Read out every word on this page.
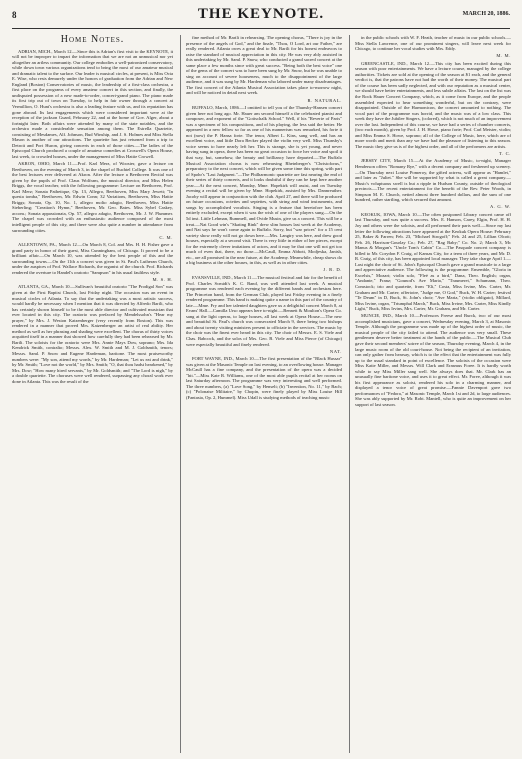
8	THE KEYNOTE.	MARCH 20, 1886.
Home Notes.

ADRIAN, MICH., March 12.—Since this is Adrian's first visit to the KEYNOTE, it will not be improper to impart the information that we are not an unmusical nor yet altogether an artless community. Our college embodies a well-patronized conservatory, while down town various organizations tend to bring the most of our amateur musical and dramatic talent to the surface. Our leader is musical circles, at present, is Miss Octa E. Wise, who rests demurely under the honors of graduation from the Adrian and New England (Boston) Conservatories of music, the leadership of a first-class orchestra, a first place on the programs of every amateur concert in this section, and finally, the undisputed possession of a new made-to-order, concert-grand piano. The piano made its first trip out of town on Tuesday, to help in fair owner through a concert at Vermillion, O. Hunt's orchestra is also a leading feature with us, and its reputation has gone abroad. Its last engagements which were considered important were at the reception of the jackson Guard, February 22, and at the home of Gov. Alger, about a fortnight later. Both affairs were attended by many of the state notables, and the orchestra made a considerable sensation among them. The Estrella Quartette, consisting of Mesdames, Alf. Johnson, Bud Winship, and J. S. Holmes and Miss Stella Mason is another of our attractions. The quartette has just returned from a trip to Detroit and Port Huron, giving concerts in each of those cities.—The ladies of the Episcopal Church produced a couple of amateur comedies at Croswell's Opera House, last week, to crowded houses, under the management of Miss Hattie Crowell.

AKRON, OHIO, March 11.—Prof. Karl Merz, of Wooster, gave a lecture on Beethoven, on the evening of March 3, in the chapel of Buchtel College. It was one of the best lectures ever delivered at Akron. After the lecture a Beethoven Recital was given by the pupils of Prof. Claus Wolfram, the musical director, and Miss Helen Briggs, the vocal teacher, with the following programme: Lecture on Beethoven, Prof. Karl Merz; Sonata Pathetique, Op. 13, Allegro, Beethoven, Miss Mary Jewett; "In questa tomba," Beethoven, Mr. Edwin Conn; 32 Variations, Beethoven, Miss Hattie Briggs; Sonata, Op. 10, No. 1, allegro molto adagio, Beethoven, Miss Hattie Sieberling; "Creation's Hymn," Beethoven, Mr. Geo. Bates. Miss Sybel Caskey, accom.; Sonata appassionata, Op. 57, allegro adagio, Beethoven, Mr. J. W. Plummer. The chapel was crowded with an enthusiastic audience composed of the most intelligent people of this city, and there were also quite a number in attendance from surrounding cities.

C. M.

ALLENTOWN, PA., March 12.—On March 8, Col. and Mrs. H. H. Fisher gave a grand party in honor of their guest, Miss Cunningham, of Chicago. It proved to be a brilliant affair.—On March 10, was attended by the best people of this and the surrounding towns.—On the 11th a concert was given in St. Paul's Lutheran Church, under the auspices of Prof. Wallace Richards, the organist of the church. Prof. Richards rendered the overture to Handel's oratorio "Sampson" in his usual faultless style.

M. S. H.

ATLANTA, GA., March 10.—Sullivan's beautiful oratorio "The Prodigal Son" was given at the First Baptist Church, last Friday night. The occasion was an event in musical circles of Atlanta. To say that the undertaking was a most artistic success, would hardly be necessary when I mention that it was directed by Alfredo Barili, who has certainly shown himself to be the most able director and cultivated musician that ever located in this city. The oratorio was prefaced by Mendelssohn's "Hear my prayer," by Mrs. J. Weston Katzenberger (very recently from Boston). This was rendered in a manner that proved Mrs. Katzenberger an artist of real ability. Her method as well as her phrasing and shading were excellent. The chorus of thirty voices acquitted itself in a manner that showed how carefully they had been rehearsed by Mr. Barili. The soloists for the oratorio were Mrs. Annie Mays Dow, soprano; Mrs. Ida Kendrick Smith, contralto; Messrs. Alex. W. Smith and M. J. Goldsmith, tenors; Messrs. Saml. P. Snow and Eugene Hardeman, baritone. The most praiseworthy numbers were: "My son, attend my words," by Mr. Hardeman; "Let us eat and drink," by Mr. Smith; "Love not the world," by Mrs. Smith; "O, that thou hadst hearkened," by Mrs. Dow; "How many hired servants," by Mr. Goldsmith; and "The Lord is nigh," by a double quartette. The choruses were well rendered, surpassing any choral work ever done in Atlanta. This was the result of the

fine method of Mr. Barili in rehearsing. The opening chorus, "There is joy in the presence of the angels of God," and the finale, "Thou, O Lord, art our Father," are really rendered. Atlanta owes a great deal to Mr. Barili for his honest endeavors to raise the standard of musical appreciation in this city. He was very ably assisted in this undertaking by Mr. Saml. P. Snow, who conducted a grand sacred concert at the same place a few months since with great success. "Being both the best voice" one of the gems of the concert was to have been sung by Mr. Snow, but he was unable to sing on account of severe hoarseness, much to the disappointment of the large audience, and it was sung by Mr. Hardeman who labored under many disadvantages. The first concert of the Atlanta Musical Association takes place to-morrow night, and will be noticed in detail next week.

R. NATURAL.

BUFFALO, March, 1886.—I omitted to tell you of the Thunsby-Hansen concert given here not long ago. Mr. Hauer am second himself a the celebrated pianist and composer, and exponent of the "Gottschalk School." Well, if his "Reverie of Paris" was a specimen of his compositions, and of his playing, the less said the better. He appeared in a new fellow so far as one of his mannerism was remarked, his forte it not (now) the P. Hansa forte. The tenor, Albert L. Kins, sang well, and has an excellent voice, and little Dora Becker played the violin very well. Miss Thunsby's voice seems to have nearly left her. This is strange, she is yet young, and never having sung in opera, there has been no great occasion to force her voice and spoil it that way, but, somehow, the beauty and brilliancy have departed.—The Buffalo Musical Association chorus is now rehearsing Rheinberger's "Christoforus," preparatory to the next concert, which will be given some time this spring, with part of Spohr's "Last Judgment."—The Philharmonic quartette are fast nearing the end of their series of thirty concerts, and it looks doubtful if they can be kept here another year.—At the next concert, Monday, Mme. Hopekirk will assist, and on Tuesday evening a recital will be given by Mme. Hopekirk, assisted by Mrs. Dannreuther. Jacoby will appear in conjunction with the club. April 27, and there will be produced on future occasions, octettes and septettes, with string and wind instruments, and songs by accomplished vocalists. Singing is a feature that heretofore has been entirely excluded, except when it was the wish of one of the players sung.—On the 5d inst. Little Lehman, Rummell, and Ovide Musin, give us a concert. This will be a treat.—Nat Good win's "Skating Rink" drew slim houses last week at the Academy, and Nat says he won't come again to Buffalo. Sorry, but "war prices" for a 15 cent variety show really will not go down here.—Mrs. Langtry was here, and drew good houses, especially at a second visit. There is very little in either of her pieces, except for the extremely clever imitations of actors, and it may be that one will not get too much of even that, there, no those.—McCaull, Emma Abbott, Modjeska, Janish, etc., are all promised in the near future, at the Academy. Meanwhile, cheap shows do a big business at the other houses, in this, as well as in other cities.

J. R. D.

EVANSVILLE, IND., March 11.—The musical festival and fair for the benefit of Prof. Charles Scmidt's K. C. Band, was well attended last week. A musical programme was rendered each evening by the different bands and orchestras here. The Princeton band, from the German Club, played last Friday evening in a finely rendered programme. This band is making quite a name in this part of the country of late.—Mme. Fry and her talented daughters gave us a delightful concert March 8, at Evans' Hall.—Camilla Urso appears here to-night.—Bennett & Moulton's Opera Co. sang at the light operas, to large houses, all last week at Opera House.—The new and beautiful St. Paul's church was consecrated March 9, there being two bishops and about twenty visiting ministers present to officiate in the services. The music by the choir was the finest ever heard in this city. The choir of Messrs. E. S. Viele and Chas. Babcock, and the solos of Mrs. Geo. B. Viele and Miss Pierce (of Chicago) were especially beautiful and finely rendered.

NAT.

FORT WAYNE, IND., March 10.—The first presentation of the "Black Hussar" was given at the Masonic Temple on last evening, to an overflowing house. Manager McCaull has a fine company, and the presentation of the opera was a decided "hit."—Miss Kate R. Williams, one of the most able pupils recital at her rooms on last Saturday afternoon. The programme was very interesting and well performed. The three numbers, (a) "Love Song," by Henselt; (b) "Invention, No. 11," by Bach; (c) "Polonaise Militaire," by Chopin, were finely played by Miss Louise Hill (Fantasia, Op. 2, Hummel). Miss Udall is studying methods of teaching music

in the public schools with W. F. Heath, teacher of music in our public schools.—Miss Stella Lawrence, one of our prominent singers, will leave next week for Chicago, to continue her vocal studies with Mrs. Eddy.

M. M.

GREENCASTLE, IND., March 12.—This city has been excited during this season with poor entertainments. We have a lecture course, managed by the college authorities. Tickets are sold at the opening of the season at $1 each, and the general verdict is, that the patrons have not had the worth of their money. The musical part of the course has been sadly neglected, and with our reputation as a musical center, we should have better entertainments, and less subtle affairs. The last on the list was the Rock Hauer Concert Company, which, as it come from Europe, and the people assembled expected to hear something wonderful, but on the contrary, were disappointed. Outside of the Harmonicon, the concert amounted to nothing. The vocal part of the programme was horrid, and the music was of a low class. This week they have the Jubilee Singers, (colored), which is not much of an improvement over the last. Independent of this course, we have had a series of chamber concerts, (two each month), given by Prof. J. H. Howe, piano forte; Prof. Carl Meister, violin; and Miss Emma S. Howe, soprano; all of the College of Music, here, which are of more worth and merit than any we have had the pleasure of listening to this season. The music they give us is of the highest order, and all of the performers are artists.

T. C.

JERSEY CITY, March 15.—At the Academy of Music, to-night, Manager Henderson offers "Romany Rye," with a decent company and freshened up scenery.—On Thursday next Louise Pomeroy, the gifted actress, will appear as "Hamlet," and later as "Juliet." She will be supported by what is called a great company.—Music's voluptuous swell is but a ripple in Hudson County, outside of theological precincts.—The recent entertainment for the benefit of the Rev. Peter Woods, in Simpson M. E. Church, netted almost three hundred dollars, and the sum of one hundred, rather startling, which secured that amount.

A. G. W.

KEOKUK, IOWA, March 10.—The often postponed Library concert came off last Thursday, and was quite a success. Mrs. E. Hanson, Carey, Elgin, Prof. H. H. Joy and others were the soloists, and all performed their parts well.—Since my last letter the following attractions have appeared at the Keokuk Opera House: February 25, Baker & Farren; Feb. 23, "Michael Strogoff;" Feb. 24 and 25, Lillian Olcott; Feb. 26, Harrison-Gourlay Co.; Feb. 27, "Rag Baby;" Co. No. 2; March 3, Mc Manus & Morgan's "Uncle Tom's Cabin" Co.—The Pasquale concert company is billed to Mr. Corydon F. Craig, of Kansas City, for a term of three years, and Mr. D. R. Craig, of this city, has been appointed local manager. They take charge April 1.—Last night the choir of St. John's Episcopal Church gave a grand musicale to a large and appreciative audience. The following is the programme: Ensemble, "Gloria in Excelsis," Mozart; violin solo, "Fleë as a bird," Dana, Theo. English; organ, "Andante," Franz; "Gounod's Ave Maria," "Traumerei," Schumann, Theo. Comstock; trio and quartette, from "Eli," Costa, Miss Irvine, Mrs. Carter, Mr. Graham and Mr. Carter; offertoire, "Judge me, O God," Buck, W. H. Carter; festival "Te Deum" in D, Buck, St. John's choir; "Ave Maria," (violin obligato), Millard, Miss Irvine, organ, "Triumphal March," Buck, Miss Irvine, Mrs. Carter, Miss Kindly Light," Buck, Miss Irvins, Mrs. Carter, Mr. Graham, and Mr. Carter.

MUNCIE, IND., March 10.—Professors Freese and Burck, two of our most accomplished musicians, gave a concert, Wednesday evening, March 3, at Masonic Temple. Although the programme was made up of the highest order of music, the musical people of the city failed to attend. The audience was very small. These gentlemen deserve better treatment at the hands of the public.—The Musical Club gave their second members' soiree of the season, Thursday evening, March 4, in the large music room of the old court-house. Not being the recipient of an invitation, can only gather from hearsay, which is to the effect that the entertainment was fully up to the usual standard in point of excellence. The soloists of the occasion were Miss Katie Miller, and Messrs. Will Clark and Erasmus Foree. It is hardly worth while to say Miss Miller sang well. She always does that. Mr. Clark has an unusually fine baritone voice, and uses it to great effect. Mr. Foree, although it was his first appearance as soloist, rendered his solo in a charming manner, and displayed a tenor voice of great promise.—Fannie Davenport gave two performances of "Fedora," at Masonic Temple, March 1st and 2d, to large audiences. She was ably supported by Mr. Robt. Mantell, who is quite an improvement on her support of last season.
